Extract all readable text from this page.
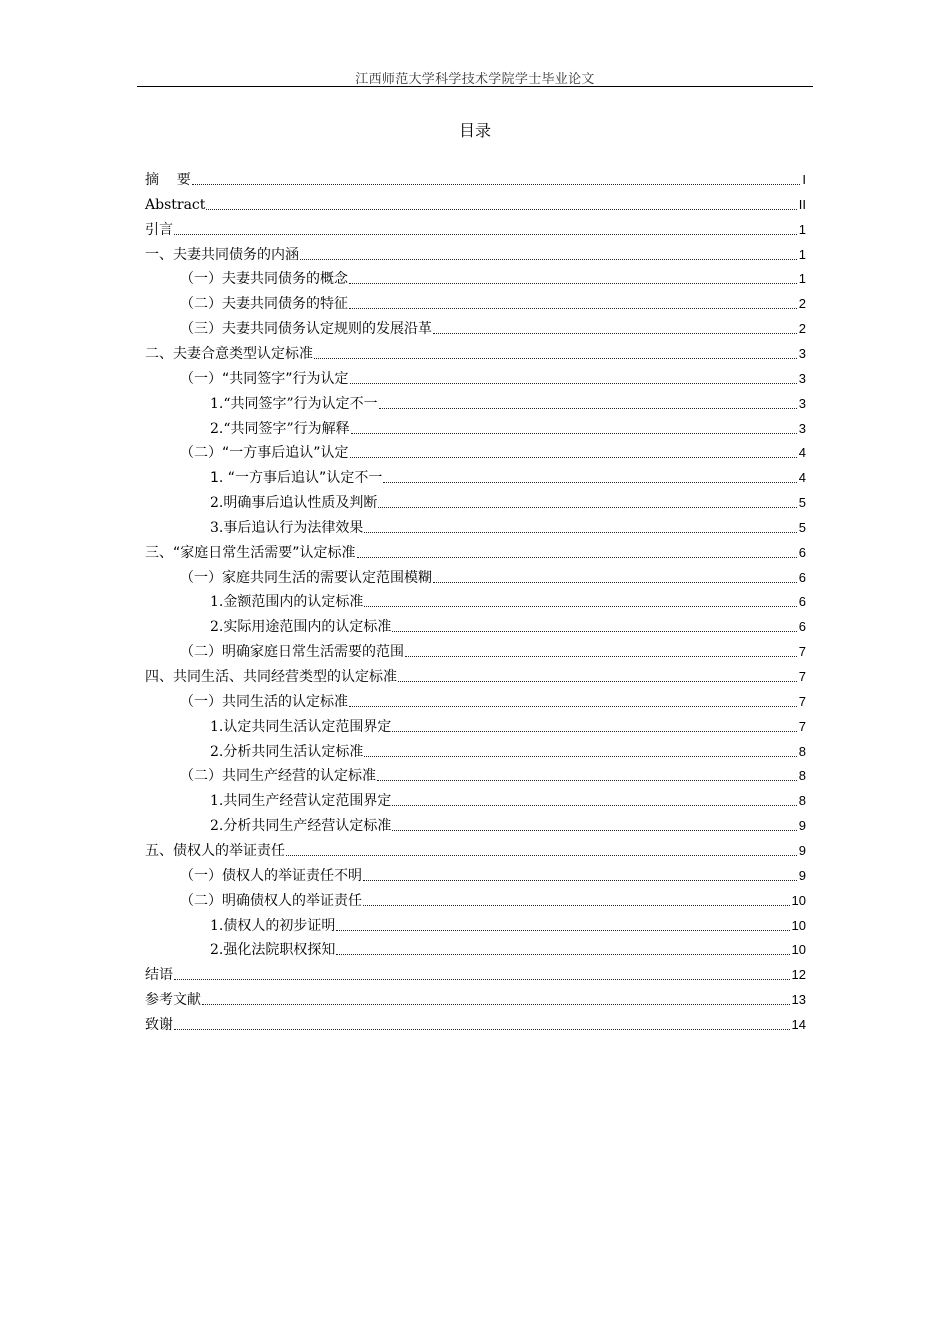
江西师范大学科学技术学院学士毕业论文
目录
摘    要	I
Abstract	II
引言	1
一、夫妻共同债务的内涵	1
（一）夫妻共同债务的概念	1
（二）夫妻共同债务的特征	2
（三）夫妻共同债务认定规则的发展沿革	2
二、夫妻合意类型认定标准	3
（一）“共同签字”行为认定	3
1.“共同签字”行为认定不一	3
2.“共同签字”行为解释	3
（二）“一方事后追认”认定	4
1. “一方事后追认”认定不一	4
2.明确事后追认性质及判断	5
3.事后追认行为法律效果	5
三、“家庭日常生活需要”认定标准	6
（一）家庭共同生活的需要认定范围模糊	6
1.金额范围内的认定标准	6
2.实际用途范围内的认定标准	6
（二）明确家庭日常生活需要的范围	7
四、共同生活、共同经营类型的认定标准	7
（一）共同生活的认定标准	7
1.认定共同生活认定范围界定	7
2.分析共同生活认定标准	8
（二）共同生产经营的认定标准	8
1.共同生产经营认定范围界定	8
2.分析共同生产经营认定标准	9
五、债权人的举证责任	9
（一）债权人的举证责任不明	9
（二）明确债权人的举证责任	10
1.债权人的初步证明	10
2.强化法院职权探知	10
结语	12
参考文献	13
致谢	14
